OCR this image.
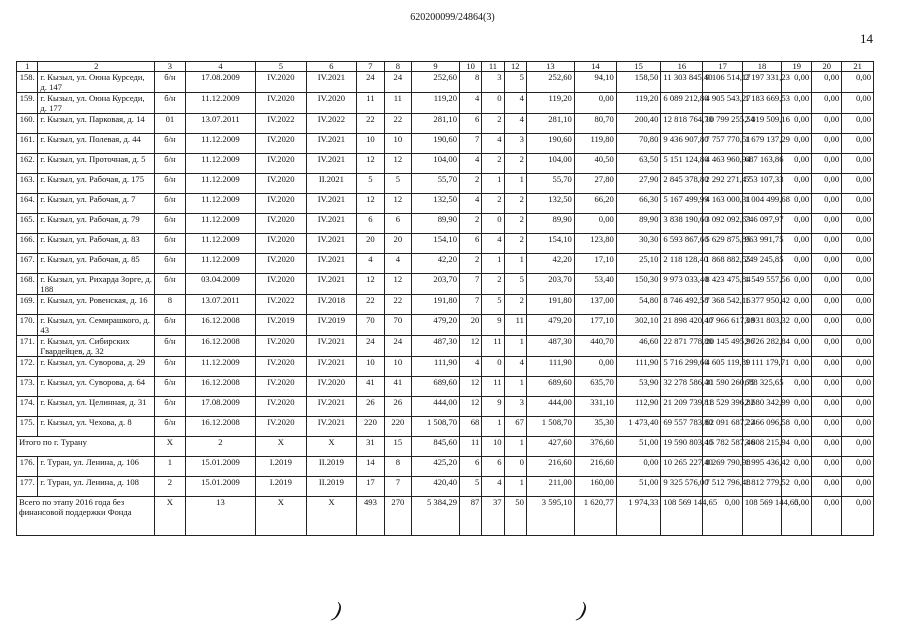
620200099/24864(3)
14
1	2	3	4	5	6	7	8	9	10	11	12	13	14	15	16	17	18	19	20	21
158.	г. Кызыл, ул. Оюна Курседи, д. 147	б/н	17.08.2009	IV.2020	IV.2021	24	24	252,60	8	3	5	252,60	94,10	158,50	11 303 845,40	9 106 514,17	2 197 331,23	0,00	0,00	0,00
159.	г. Кызыл, ул. Оюна Курседи, д. 177	б/н	11.12.2009	IV.2020	IV.2020	11	11	119,20	4	0	4	119,20	0,00	119,20	6 089 212,80	4 905 543,27	1 183 669,53	0,00	0,00	0,00
160.	г. Кызыл, ул. Парковая, д. 14	01	13.07.2011	IV.2022	IV.2022	22	22	281,10	6	2	4	281,10	80,70	200,40	12 818 764,70	10 799 255,54	2 019 509,16	0,00	0,00	0,00
161.	г. Кызыл, ул. Полевая, д. 44	б/н	11.12.2009	IV.2020	IV.2021	10	10	190,60	7	4	3	190,60	119,80	70,80	9 436 907,80	7 757 770,51	1 679 137,29	0,00	0,00	0,00
162.	г. Кызыл, ул. Проточная, д. 5	б/н	11.12.2009	IV.2020	IV.2021	12	12	104,00	4	2	2	104,00	40,50	63,50	5 151 124,80	4 463 960,94	687 163,86	0,00	0,00	0,00
163.	г. Кызыл, ул. Рабочая, д. 175	б/н	11.12.2009	IV.2020	II.2021	5	5	55,70	2	1	1	55,70	27,80	27,90	2 845 378,80	2 292 271,47	553 107,33	0,00	0,00	0,00
164.	г. Кызыл, ул. Рабочая, д. 7	б/н	11.12.2009	IV.2020	IV.2021	12	12	132,50	4	2	2	132,50	66,20	66,30	5 167 499,99	4 163 000,31	1 004 499,68	0,00	0,00	0,00
165.	г. Кызыл, ул. Рабочая, д. 79	б/н	11.12.2009	IV.2020	IV.2021	6	6	89,90	2	0	2	89,90	0,00	89,90	3 838 190,60	3 092 092,63	746 097,97	0,00	0,00	0,00
166.	г. Кызыл, ул. Рабочая, д. 83	б/н	11.12.2009	IV.2020	IV.2021	20	20	154,10	6	4	2	154,10	123,80	30,30	6 593 867,60	5 629 875,85	963 991,75	0,00	0,00	0,00
167.	г. Кызыл, ул. Рабочая, д. 85	б/н	11.12.2009	IV.2020	IV.2021	4	4	42,20	2	1	1	42,20	17,10	25,10	2 118 128,40	1 868 882,55	249 245,85	0,00	0,00	0,00
168.	г. Кызыл, ул. Рихарда Зорге, д. 188	б/н	03.04.2009	IV.2020	IV.2021	12	12	203,70	7	2	5	203,70	53,40	150,30	9 973 033,40	8 423 475,84	1 549 557,56	0,00	0,00	0,00
169.	г. Кызыл, ул. Ровенская, д. 16	8	13.07.2011	IV.2022	IV.2018	22	22	191,80	7	5	2	191,80	137,00	54,80	8 746 492,58	7 368 542,16	1 377 950,42	0,00	0,00	0,00
170.	г. Кызыл, ул. Семирашкого, д. 43	б/н	16.12.2008	IV.2019	IV.2019	70	70	479,20	20	9	11	479,20	177,10	302,10	21 898 420,40	17 966 617,08	3 931 803,32	0,00	0,00	0,00
171.	г. Кызыл, ул. Сибирских Гвардейцев, д. 32	б/н	16.12.2008	IV.2020	IV.2021	24	24	487,30	12	11	1	487,30	440,70	46,60	22 871 778,80	20 145 495,96	2 726 282,84	0,00	0,00	0,00
172.	г. Кызыл, ул. Суворова, д. 29	б/н	11.12.2009	IV.2020	IV.2021	10	10	111,90	4	0	4	111,90	0,00	111,90	5 716 299,60	4 605 119,89	1 111 179,71	0,00	0,00	0,00
173.	г. Кызыл, ул. Суворова, д. 64	б/н	16.12.2008	IV.2020	IV.2020	41	41	689,60	12	11	1	689,60	635,70	53,90	32 278 586,40	31 590 260,75	688 325,65	0,00	0,00	0,00
174.	г. Кызыл, ул. Целинная, д. 31	б/н	17.08.2009	IV.2020	IV.2021	26	26	444,00	12	9	3	444,00	331,10	112,90	21 209 739,81	18 529 396,82	2 680 342,99	0,00	0,00	0,00
175.	г. Кызыл, ул. Чехова, д. 8	б/н	16.12.2008	IV.2020	IV.2021	220	220	1 508,70	68	1	67	1 508,70	35,30	1 473,40	69 557 783,80	62 091 687,22	7 466 096,58	0,00	0,00	0,00
Итого по г. Турану		X	2	X	X	31	15	845,60	11	10	1	427,60	376,60	51,00	19 590 803,40	15 782 587,46	3 808 215,94	0,00	0,00	0,00
176.	г. Туран, ул. Ленина, д. 106	1	15.01.2009	I.2019	II.2019	14	8	425,20	6	6	0	216,60	216,60	0,00	10 265 227,40	8 269 790,98	1 995 436,42	0,00	0,00	0,00
177.	г. Туран, ул. Ленина, д. 108	2	15.01.2009	I.2019	II.2019	17	7	420,40	5	4	1	211,00	160,00	51,00	9 325 576,00	7 512 796,48	1 812 779,52	0,00	0,00	0,00
Всего по этапу 2016 года без финансовой поддержки Фонда		X	13	X	X	493	270	5 384,29	87	37	50	3 595,10	1 620,77	1 974,33	108 569 144,65	0,00	108 569 144,65	0,00	0,00	0,00
)	)
